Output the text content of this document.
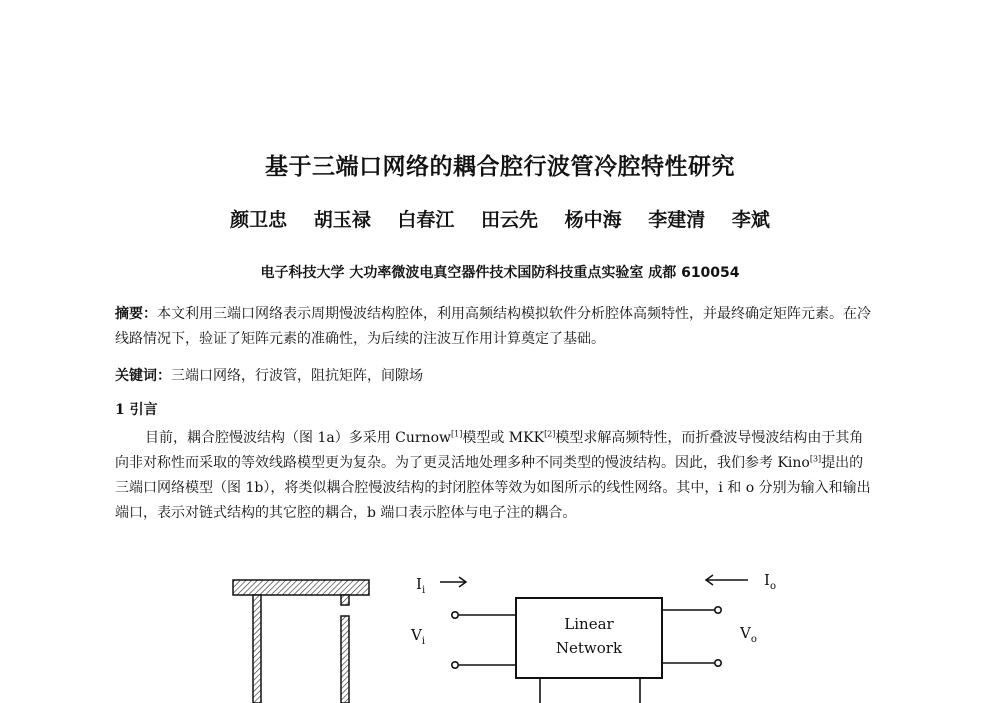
基于三端口网络的耦合腔行波管冷腔特性研究
颜卫忠 胡玉禄 白春江 田云先 杨中海 李建清 李斌
电子科技大学 大功率微波电真空器件技术国防科技重点实验室 成都 610054
摘要：本文利用三端口网络表示周期慢波结构腔体，利用高频结构模拟软件分析腔体高频特性，并最终确定矩阵元素。在冷线路情况下，验证了矩阵元素的准确性，为后续的注波互作用计算奠定了基础。
关键词：三端口网络，行波管，阻抗矩阵，间隙场
1 引言
目前，耦合腔慢波结构（图 1a）多采用 Curnow[1]模型或 MKK[2]模型求解高频特性，而折叠波导慢波结构由于其角向非对称性而采取的等效线路模型更为复杂。为了更灵活地处理多种不同类型的慢波结构。因此，我们参考 Kino[3]提出的三端口网络模型（图 1b），将类似耦合腔慢波结构的封闭腔体等效为如图所示的线性网络。其中，i 和 o 分别为输入和输出端口，表示对链式结构的其它腔的耦合，b 端口表示腔体与电子注的耦合。
$I_i$
$I_o$
$V_i$	$V_o$
Linear
Network
